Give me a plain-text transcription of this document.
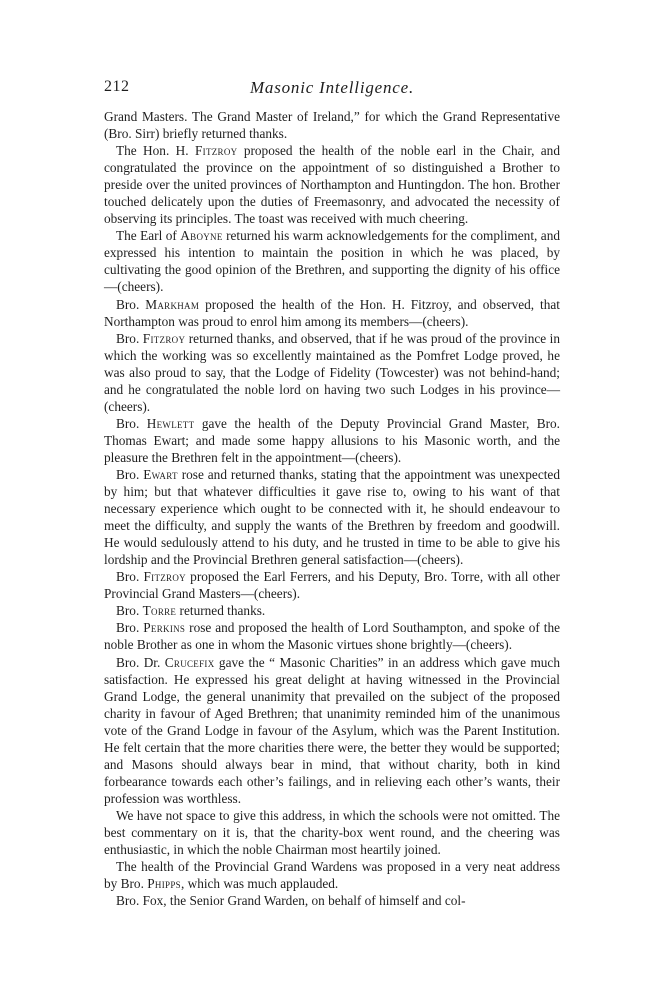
212	Masonic Intelligence.

Grand Masters. The Grand Master of Ireland,” for which the Grand Representative (Bro. Sirr) briefly returned thanks.

The Hon. H. Fitzroy proposed the health of the noble earl in the Chair, and congratulated the province on the appointment of so distinguished a Brother to preside over the united provinces of Northampton and Huntingdon. The hon. Brother touched delicately upon the duties of Freemasonry, and advocated the necessity of observing its principles. The toast was received with much cheering.

The Earl of Aboyne returned his warm acknowledgements for the compliment, and expressed his intention to maintain the position in which he was placed, by cultivating the good opinion of the Brethren, and supporting the dignity of his office—(cheers).

Bro. Markham proposed the health of the Hon. H. Fitzroy, and observed, that Northampton was proud to enrol him among its members—(cheers).

Bro. Fitzroy returned thanks, and observed, that if he was proud of the province in which the working was so excellently maintained as the Pomfret Lodge proved, he was also proud to say, that the Lodge of Fidelity (Towcester) was not behind-hand; and he congratulated the noble lord on having two such Lodges in his province—(cheers).

Bro. Hewlett gave the health of the Deputy Provincial Grand Master, Bro. Thomas Ewart; and made some happy allusions to his Masonic worth, and the pleasure the Brethren felt in the appointment—(cheers).

Bro. Ewart rose and returned thanks, stating that the appointment was unexpected by him; but that whatever difficulties it gave rise to, owing to his want of that necessary experience which ought to be connected with it, he should endeavour to meet the difficulty, and supply the wants of the Brethren by freedom and goodwill. He would sedulously attend to his duty, and he trusted in time to be able to give his lordship and the Provincial Brethren general satisfaction—(cheers).

Bro. Fitzroy proposed the Earl Ferrers, and his Deputy, Bro. Torre, with all other Provincial Grand Masters—(cheers).

Bro. Torre returned thanks.

Bro. Perkins rose and proposed the health of Lord Southampton, and spoke of the noble Brother as one in whom the Masonic virtues shone brightly—(cheers).

Bro. Dr. Crucefix gave the “ Masonic Charities” in an address which gave much satisfaction. He expressed his great delight at having witnessed in the Provincial Grand Lodge, the general unanimity that prevailed on the subject of the proposed charity in favour of Aged Brethren; that unanimity reminded him of the unanimous vote of the Grand Lodge in favour of the Asylum, which was the Parent Institution. He felt certain that the more charities there were, the better they would be supported; and Masons should always bear in mind, that without charity, both in kind forbearance towards each other’s failings, and in relieving each other’s wants, their profession was worthless.

We have not space to give this address, in which the schools were not omitted. The best commentary on it is, that the charity-box went round, and the cheering was enthusiastic, in which the noble Chairman most heartily joined.

The health of the Provincial Grand Wardens was proposed in a very neat address by Bro. Phipps, which was much applauded.

Bro. Fox, the Senior Grand Warden, on behalf of himself and col-
